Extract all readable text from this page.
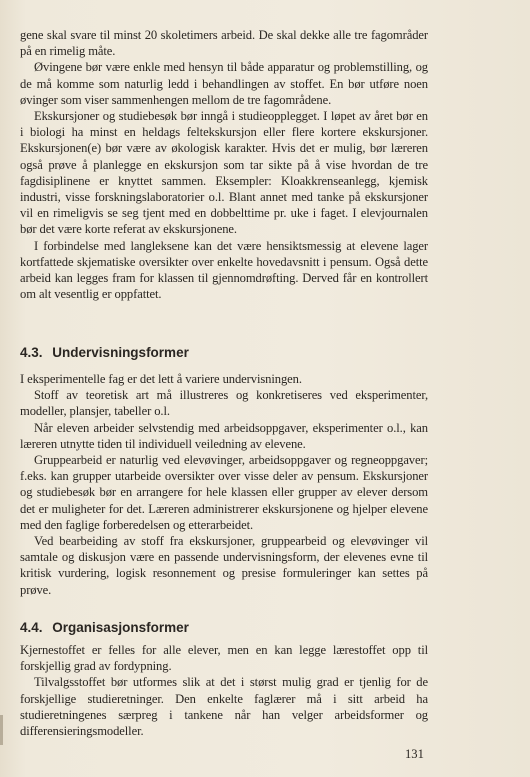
gene skal svare til minst 20 skoletimers arbeid. De skal dekke alle tre fagområder på en rimelig måte.

Øvingene bør være enkle med hensyn til både apparatur og problemstilling, og de må komme som naturlig ledd i behandlingen av stoffet. En bør utføre noen øvinger som viser sammenhengen mellom de tre fagområdene.

Ekskursjoner og studiebesøk bør inngå i studieopplegget. I løpet av året bør en i biologi ha minst en heldags feltekskursjon eller flere kortere ekskursjoner. Ekskursjonen(e) bør være av økologisk karakter. Hvis det er mulig, bør læreren også prøve å planlegge en ekskursjon som tar sikte på å vise hvordan de tre fagdisiplinene er knyttet sammen. Eksempler: Kloakkrenseanlegg, kjemisk industri, visse forskningslaboratorier o.l. Blant annet med tanke på ekskursjoner vil en rimeligvis se seg tjent med en dobbelttime pr. uke i faget. I elevjournalen bør det være korte referat av ekskursjonene.

I forbindelse med langleksene kan det være hensiktsmessig at elevene lager kortfattede skjematiske oversikter over enkelte hovedavsnitt i pensum. Også dette arbeid kan legges fram for klassen til gjennomdrøfting. Derved får en kontrollert om alt vesentlig er oppfattet.

4.3. Undervisningsformer

I eksperimentelle fag er det lett å variere undervisningen.

Stoff av teoretisk art må illustreres og konkretiseres ved eksperimenter, modeller, plansjer, tabeller o.l.

Når eleven arbeider selvstendig med arbeidsoppgaver, eksperimenter o.l., kan læreren utnytte tiden til individuell veiledning av elevene.

Gruppearbeid er naturlig ved elevøvinger, arbeidsoppgaver og regneoppgaver; f.eks. kan grupper utarbeide oversikter over visse deler av pensum. Ekskursjoner og studiebesøk bør en arrangere for hele klassen eller grupper av elever dersom det er muligheter for det. Læreren administrerer ekskursjonene og hjelper elevene med den faglige forberedelsen og etterarbeidet.

Ved bearbeiding av stoff fra ekskursjoner, gruppearbeid og elevøvinger vil samtale og diskusjon være en passende undervisningsform, der elevenes evne til kritisk vurdering, logisk resonnement og presise formuleringer kan settes på prøve.

4.4. Organisasjonsformer

Kjernestoffet er felles for alle elever, men en kan legge lærestoffet opp til forskjellig grad av fordypning.

Tilvalgsstoffet bør utformes slik at det i størst mulig grad er tjenlig for de forskjellige studieretninger. Den enkelte faglærer må i sitt arbeid ha studieretningenes særpreg i tankene når han velger arbeidsformer og differensieringsmodeller.

131
